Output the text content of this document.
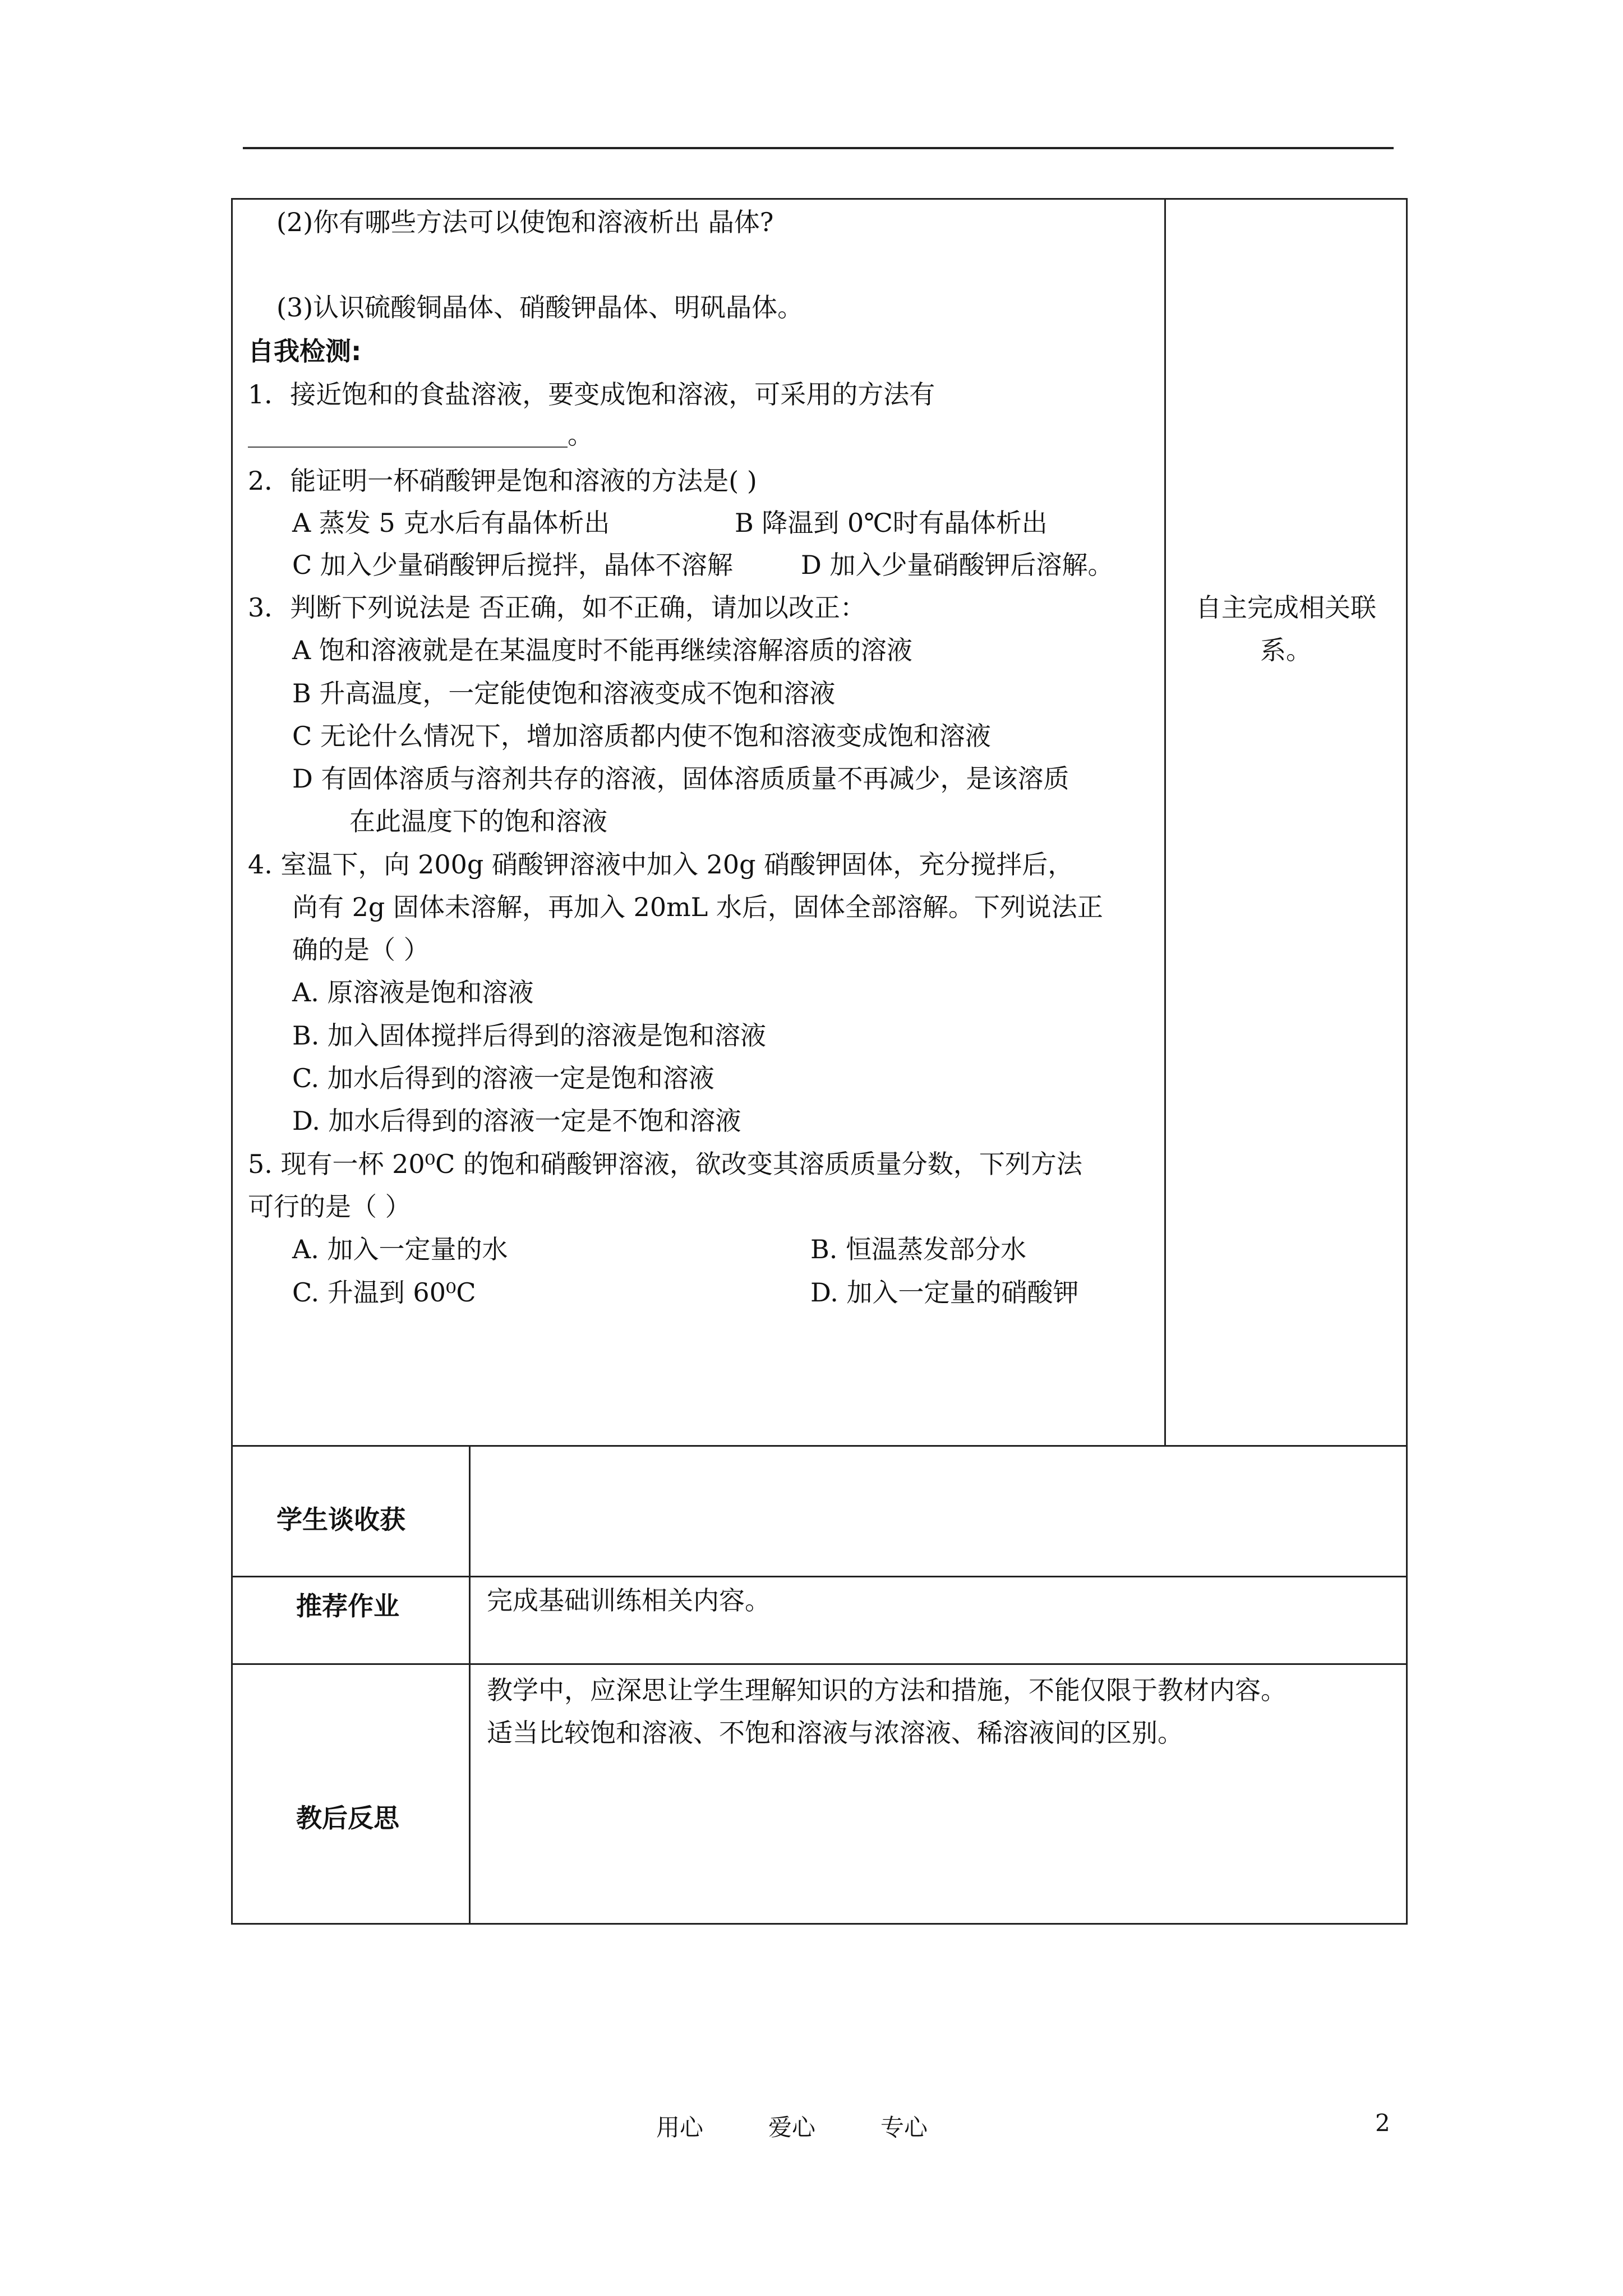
(2)你有哪些方法可以使饱和溶液析出 晶体?
(3)认识硫酸铜晶体、硝酸钾晶体、明矾晶体。
自我检测:
1．接近饱和的食盐溶液，要变成饱和溶液，可采用的方法有
。
2．能证明一杯硝酸钾是饱和溶液的方法是( )
A 蒸发 5 克水后有晶体析出	B 降温到 0℃时有晶体析出
C 加入少量硝酸钾后搅拌，晶体不溶解	D 加入少量硝酸钾后溶解。
3．判断下列说法是 否正确，如不正确，请加以改正：
A 饱和溶液就是在某温度时不能再继续溶解溶质的溶液
B 升高温度，一定能使饱和溶液变成不饱和溶液
C 无论什么情况下，增加溶质都内使不饱和溶液变成饱和溶液
D 有固体溶质与溶剂共存的溶液，固体溶质质量不再减少，是该溶质
在此温度下的饱和溶液
4. 室温下，向 200g 硝酸钾溶液中加入 20g 硝酸钾固体，充分搅拌后，
尚有 2g 固体未溶解，再加入 20mL 水后，固体全部溶解。下列说法正
确的是（ ）
A. 原溶液是饱和溶液
B. 加入固体搅拌后得到的溶液是饱和溶液
C. 加水后得到的溶液一定是饱和溶液
D. 加水后得到的溶液一定是不饱和溶液
5. 现有一杯 20⁰C 的饱和硝酸钾溶液，欲改变其溶质质量分数，下列方法
可行的是（ ）
A. 加入一定量的水	B. 恒温蒸发部分水
C. 升温到 60⁰C	D. 加入一定量的硝酸钾
自主完成相关联
系。
学生谈收获
推荐作业	完成基础训练相关内容。
教后反思
教学中，应深思让学生理解知识的方法和措施，不能仅限于教材内容。
适当比较饱和溶液、不饱和溶液与浓溶液、稀溶液间的区别。
用心	爱心	专心	2
